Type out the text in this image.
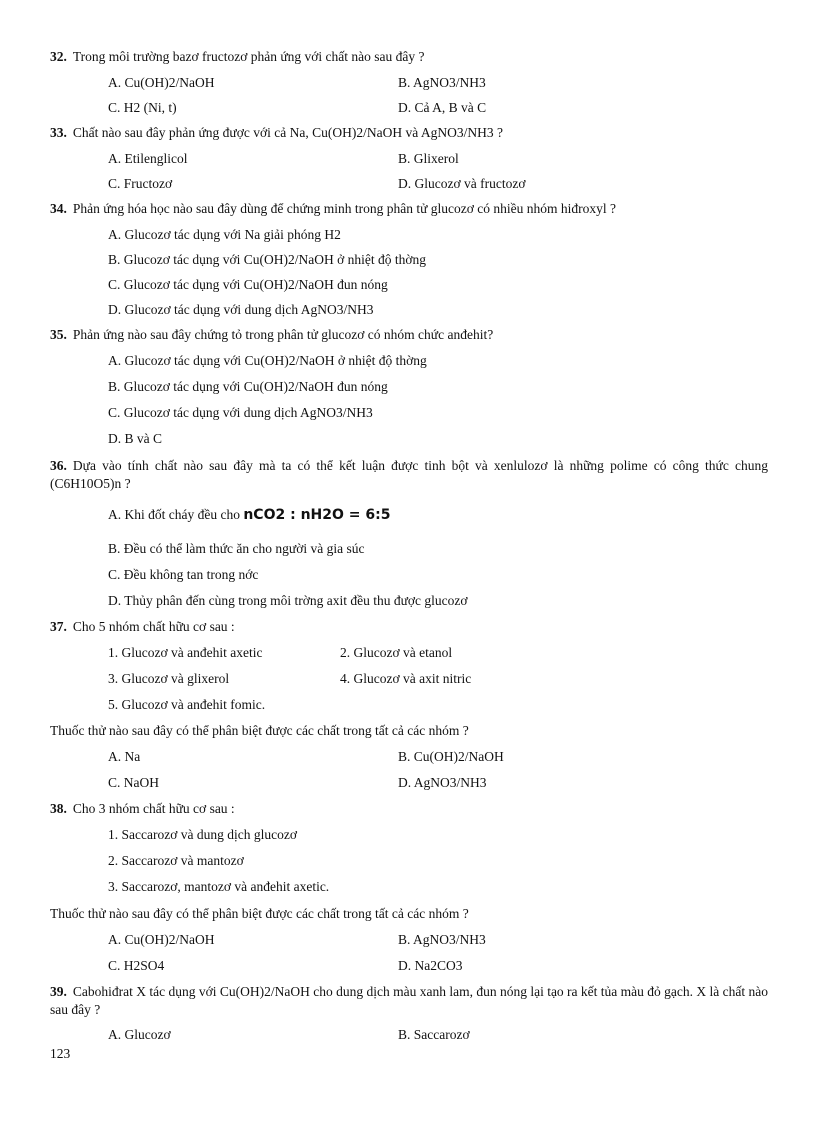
32. Trong môi trường bazơ fructozơ phản ứng với chất nào sau đây ?
A. Cu(OH)2/NaOH	B. AgNO3/NH3
C. H2 (Ni, t)	D. Cả A, B và C
33. Chất nào sau đây phản ứng được với cả Na, Cu(OH)2/NaOH và AgNO3/NH3 ?
A. Etilenglicol	B. Glixerol
C. Fructozơ	D. Glucozơ và fructozơ
34. Phản ứng hóa học nào sau đây dùng để chứng minh trong phân tử glucozơ có nhiều nhóm hiđroxyl ?
A. Glucozơ tác dụng với Na giải phóng H2
B. Glucozơ tác dụng với Cu(OH)2/NaOH ở nhiệt độ thờng
C. Glucozơ tác dụng với Cu(OH)2/NaOH đun nóng
D. Glucozơ tác dụng với dung dịch AgNO3/NH3
35. Phản ứng nào sau đây chứng tỏ trong phân tử glucozơ có nhóm chức anđehit?
A. Glucozơ tác dụng với Cu(OH)2/NaOH ở nhiệt độ thờng
B. Glucozơ tác dụng với Cu(OH)2/NaOH đun nóng
C. Glucozơ tác dụng với dung dịch AgNO3/NH3
D. B và C
36. Dựa vào tính chất nào sau đây mà ta có thể kết luận được tinh bột và xenlulozơ là những polime có công thức chung (C6H10O5)n ?
A. Khi đốt cháy đều cho nCO2 : nH2O = 6:5
B. Đều có thể làm thức ăn cho người và gia súc
C. Đều không tan trong nớc
D. Thủy phân đến cùng trong môi trờng axit đều thu được glucozơ
37. Cho 5 nhóm chất hữu cơ sau :
1. Glucozơ và anđehit axetic	2. Glucozơ và etanol
3. Glucozơ và glixerol	4. Glucozơ và axit nitric
5. Glucozơ và anđehit fomic.
Thuốc thử nào sau đây có thể phân biệt được các chất trong tất cả các nhóm ?
A. Na	B. Cu(OH)2/NaOH
C. NaOH	D. AgNO3/NH3
38. Cho 3 nhóm chất hữu cơ sau :
1. Saccarozơ và dung dịch glucozơ
2. Saccarozơ và mantozơ
3. Saccarozơ, mantozơ và anđehit axetic.
Thuốc thử nào sau đây có thể phân biệt được các chất trong tất cả các nhóm ?
A. Cu(OH)2/NaOH	B. AgNO3/NH3
C. H2SO4	D. Na2CO3
39. Cabohiđrat X tác dụng với Cu(OH)2/NaOH cho dung dịch màu xanh lam, đun nóng lại tạo ra kết tủa màu đỏ gạch. X là chất nào sau đây ?
A. Glucozơ	B. Saccarozơ
123
